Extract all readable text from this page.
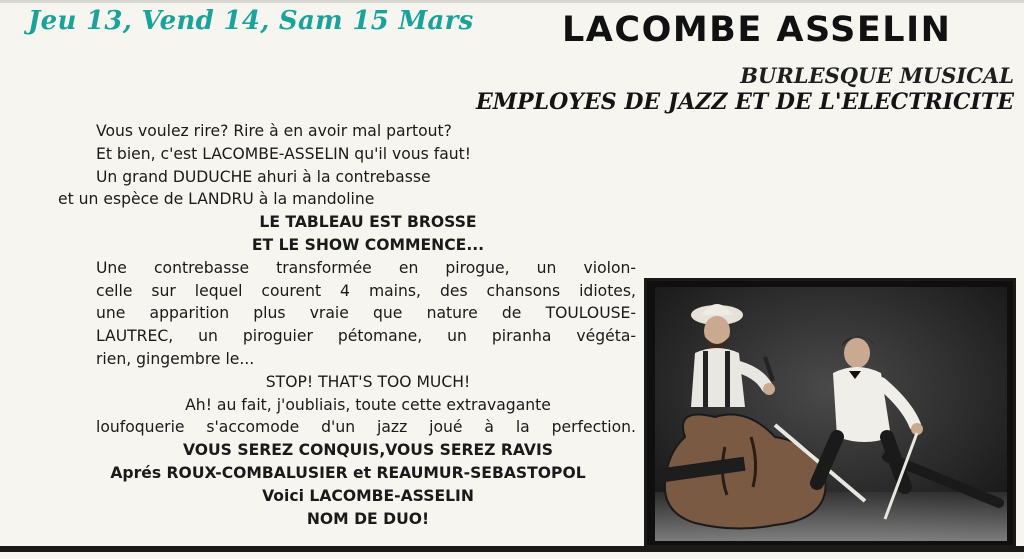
Jeu 13, Vend 14, Sam 15 Mars	LACOMBE ASSELIN
BURLESQUE MUSICAL
EMPLOYES DE JAZZ ET DE L'ELECTRICITE
Vous voulez rire? Rire à en avoir mal partout?
Et bien, c'est LACOMBE-ASSELIN qu'il vous faut!
Un grand DUDUCHE ahuri à la contrebasse
et un espèce de LANDRU à la mandoline
LE TABLEAU EST BROSSE
ET LE SHOW COMMENCE...
Une contrebasse transformée en pirogue, un violon-
celle sur lequel courent 4 mains, des chansons idiotes,
une apparition plus vraie que nature de TOULOUSE-
LAUTREC, un piroguier pétomane, un piranha végéta-
rien, gingembre le...
STOP! THAT'S TOO MUCH!
Ah! au fait, j'oubliais, toute cette extravagante
loufoquerie s'accomode d'un jazz joué à la perfection.
VOUS SEREZ CONQUIS,VOUS SEREZ RAVIS
Aprés ROUX-COMBALUSIER et REAUMUR-SEBASTOPOL
Voici LACOMBE-ASSELIN
NOM DE DUO!
